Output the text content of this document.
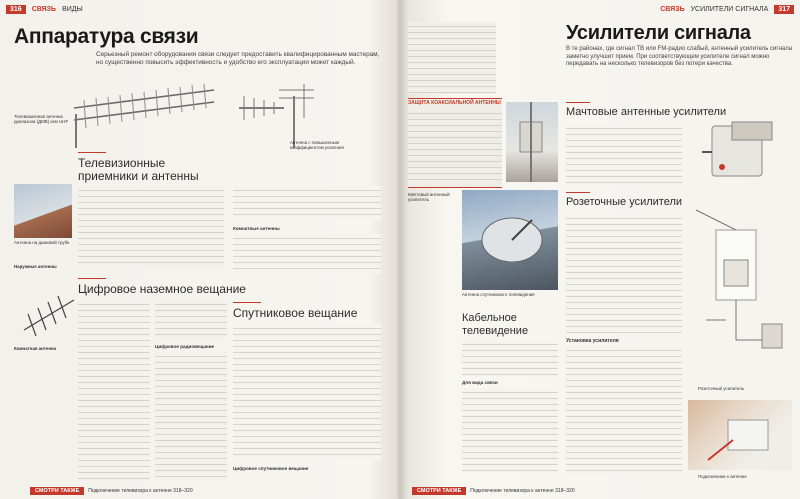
316	СВЯЗЬ ВИДЫ
Аппаратура связи
Серьезный ремонт оборудования связи следует предоставить квалифицированным мастерам, но существенно повысить эффективность и удобство его эксплуатации может каждый.
Телевизионная антенна диапазона (ДМВ) или UHF
Антенна с повышенным коэффициентом усиления
Телевизионные приемники и антенны
Антенна на дымовой трубе
Наружные антенны
Комнатные антенны
Комнатная антенна
Цифровое наземное вещание
Цифровое радиовещание
Спутниковое вещание
Цифровое спутниковое вещание
СМОТРИ ТАКЖЕ	Подключение телевизора к антенне 318–320
СВЯЗЬ УСИЛИТЕЛИ СИГНАЛА	317
ЗАЩИТА КОАКСИАЛЬНОЙ АНТЕННЫ
Мачтовый антенный усилитель
Антенна спутникового телевидения
Кабельное телевидение
Для вида связи
Усилители сигнала
В те районах, где сигнал ТВ или FM-радио слабый, антенный усилитель сигнала заметно улучшит прием. При соответствующем усилителе сигнал можно передавать на несколько телевизоров без потери качества.
Мачтовые антенные усилители
Розеточные усилители
Розеточный усилитель
Установка усилителя
Подключение к антенне
СМОТРИ ТАКЖЕ	Подключение телевизора к антенне 318–320
